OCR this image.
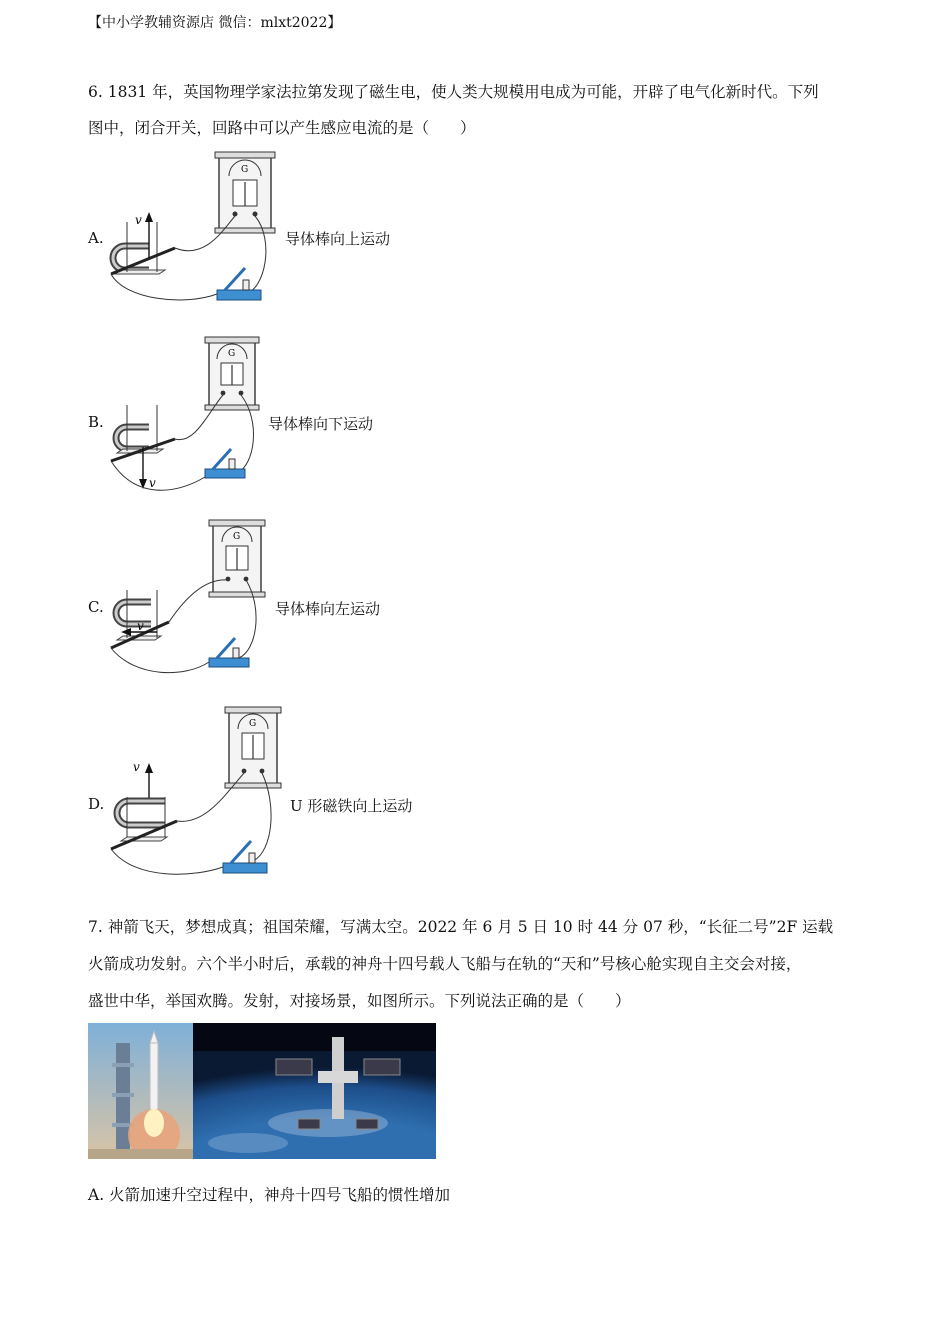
【中小学教辅资源店 微信：mlxt2022】
6. 1831 年，英国物理学家法拉第发现了磁生电，使人类大规模用电成为可能，开辟了电气化新时代。下列
图中，闭合开关，回路中可以产生感应电流的是（　　）
A.
G
v
导体棒向上运动
B.
G
v
导体棒向下运动
C.
G
v
导体棒向左运动
D.
G
v
U 形磁铁向上运动
7. 神箭飞天，梦想成真；祖国荣耀，写满太空。2022 年 6 月 5 日 10 时 44 分 07 秒，“长征二号”2F 运载
火箭成功发射。六个半小时后，承载的神舟十四号载人飞船与在轨的“天和”号核心舱实现自主交会对接，
盛世中华，举国欢腾。发射，对接场景，如图所示。下列说法正确的是（　　）
A. 火箭加速升空过程中，神舟十四号飞船的惯性增加
